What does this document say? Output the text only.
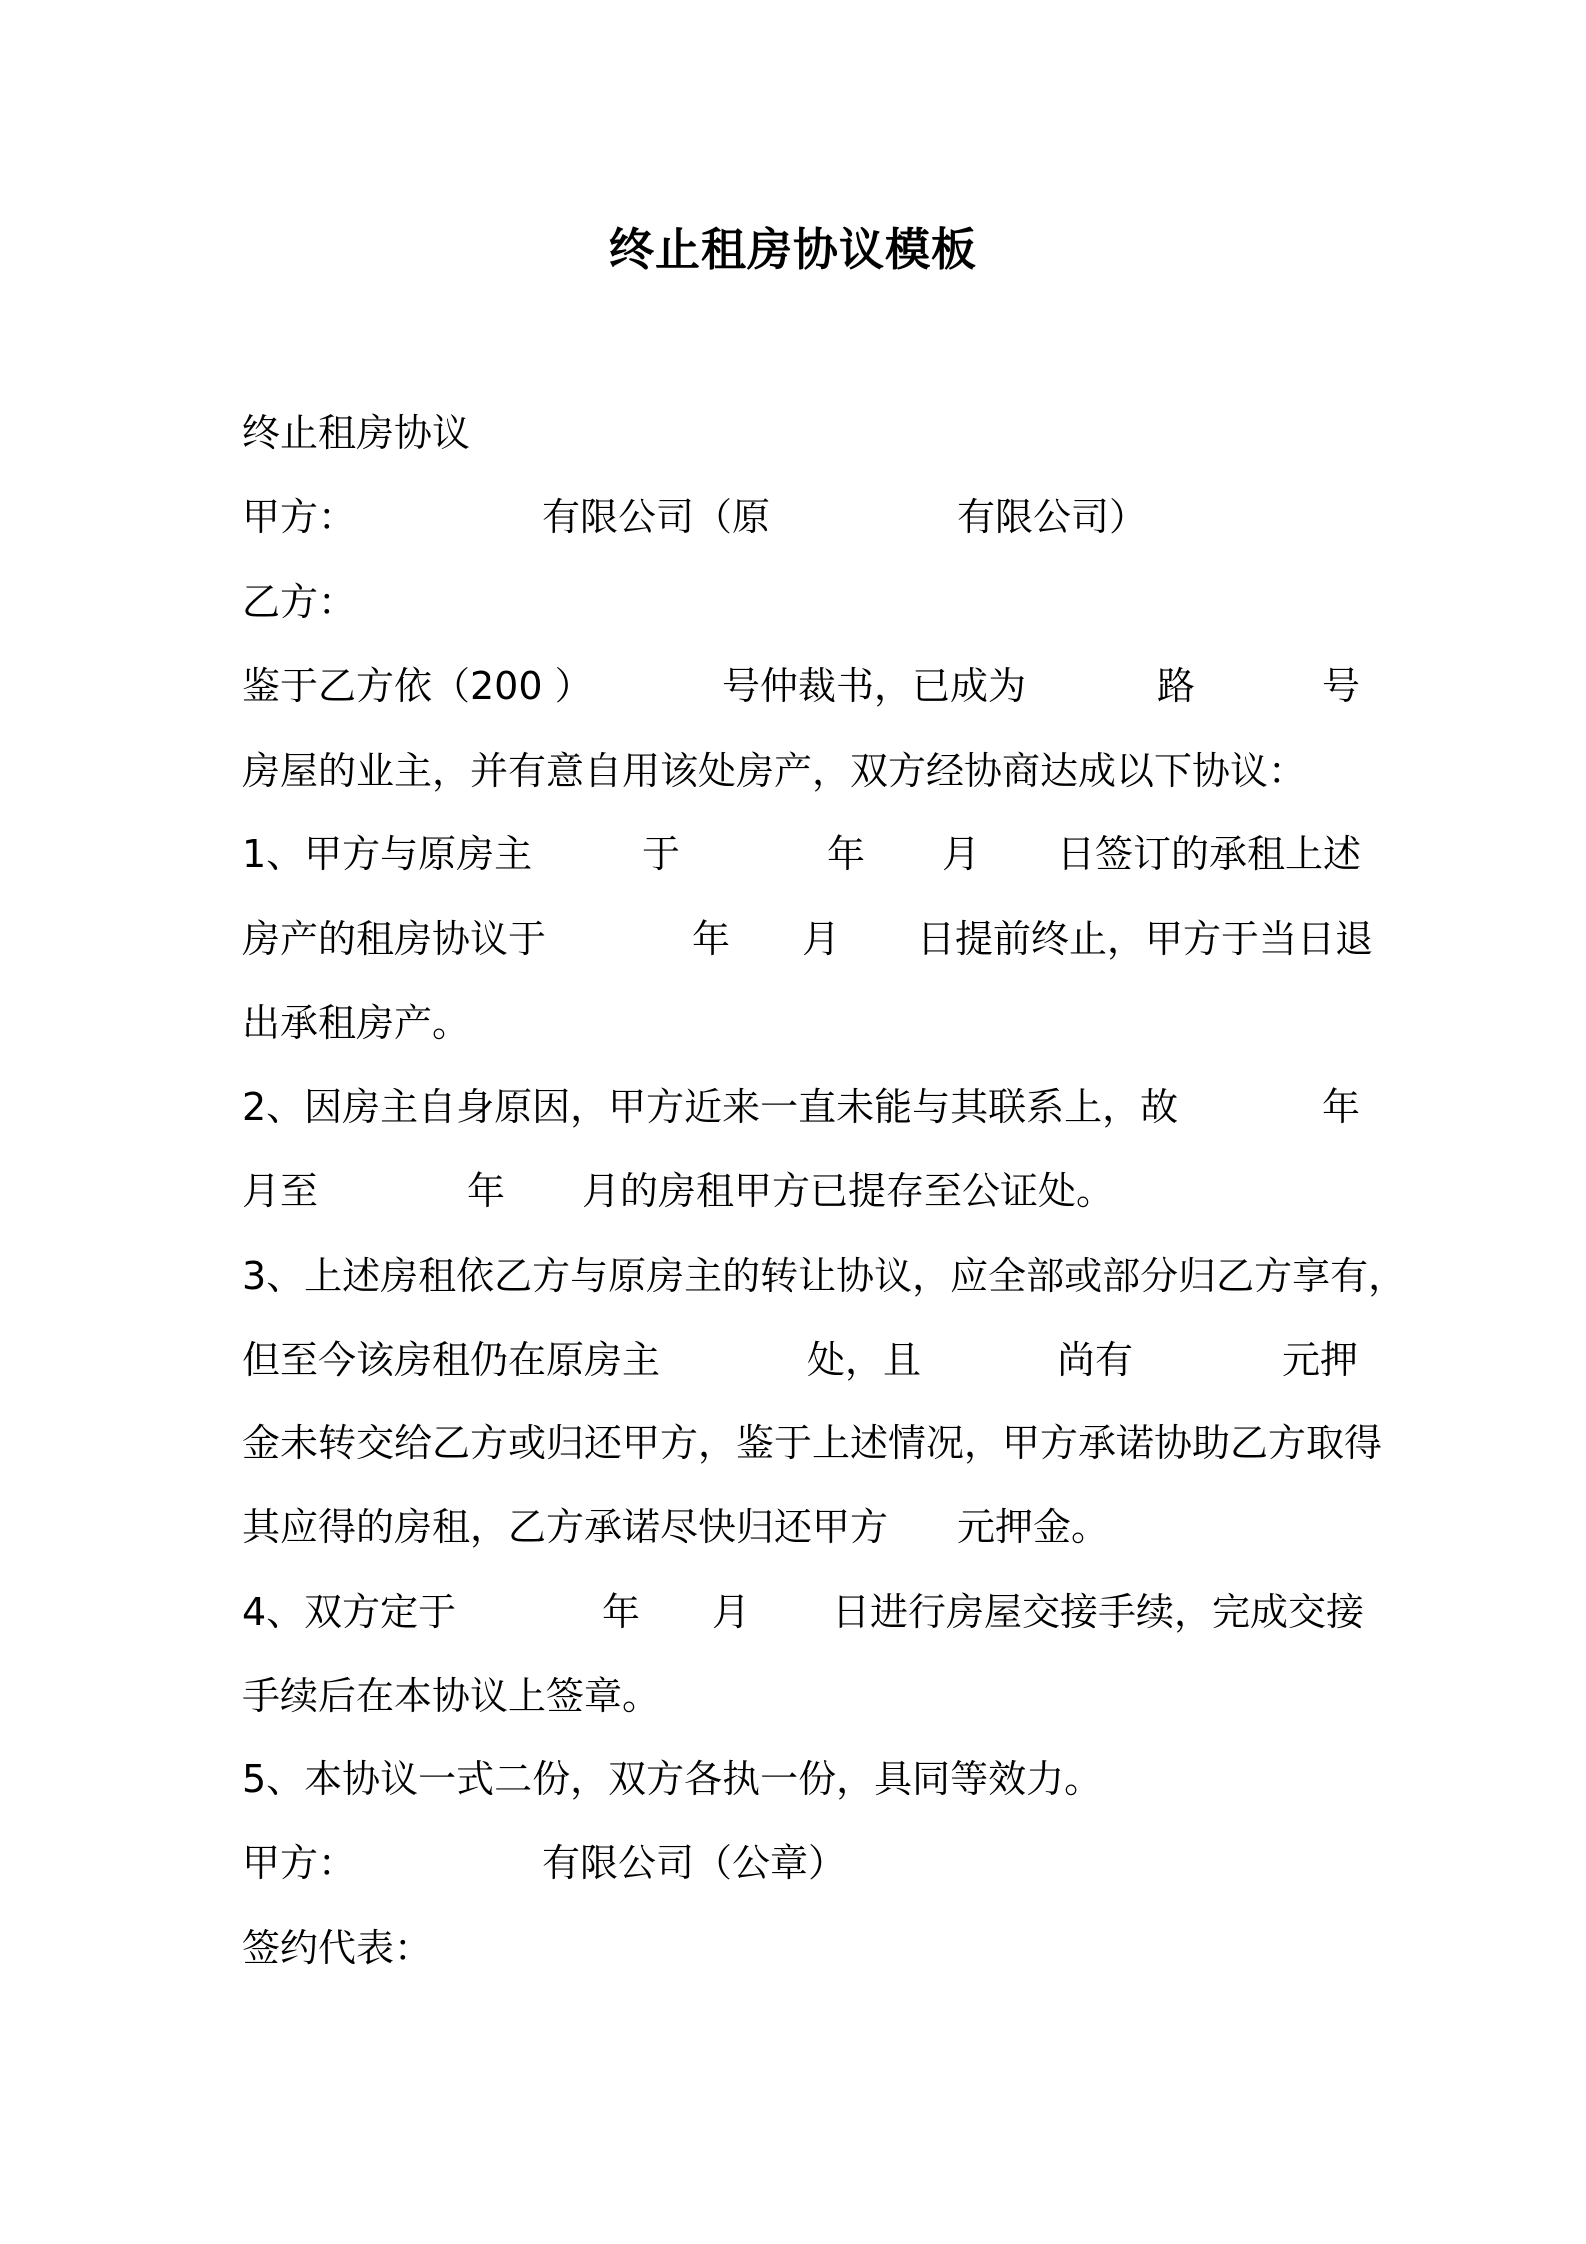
终止租房协议模板

终止租房协议

甲方：

	有限公司（原

	有限公司）

乙方：

鉴于乙方依（200 ）

	号仲裁书，已成为

	路

	号

房屋的业主，并有意自用该处房产，双方经协商达成以下协议：

1、甲方与原房主

	于

	年

月

日签订的承租上述

房产的租房协议于

	年

月

日提前终止，甲方于当日退

出承租房产。

2、因房主自身原因，甲方近来一直未能与其联系上，故

	年

月至

	年

月的房租甲方已提存至公证处。

3、上述房租依乙方与原房主的转让协议，应全部或部分归乙方享有，

但至今该房租仍在原房主

	处，且

	尚有

	元押

金未转交给乙方或归还甲方，鉴于上述情况，甲方承诺协助乙方取得

其应得的房租，乙方承诺尽快归还甲方

元押金。

4、双方定于

	年

月

日进行房屋交接手续，完成交接

手续后在本协议上签章。

5、本协议一式二份，双方各执一份，具同等效力。

甲方：

	有限公司（公章）

签约代表：
